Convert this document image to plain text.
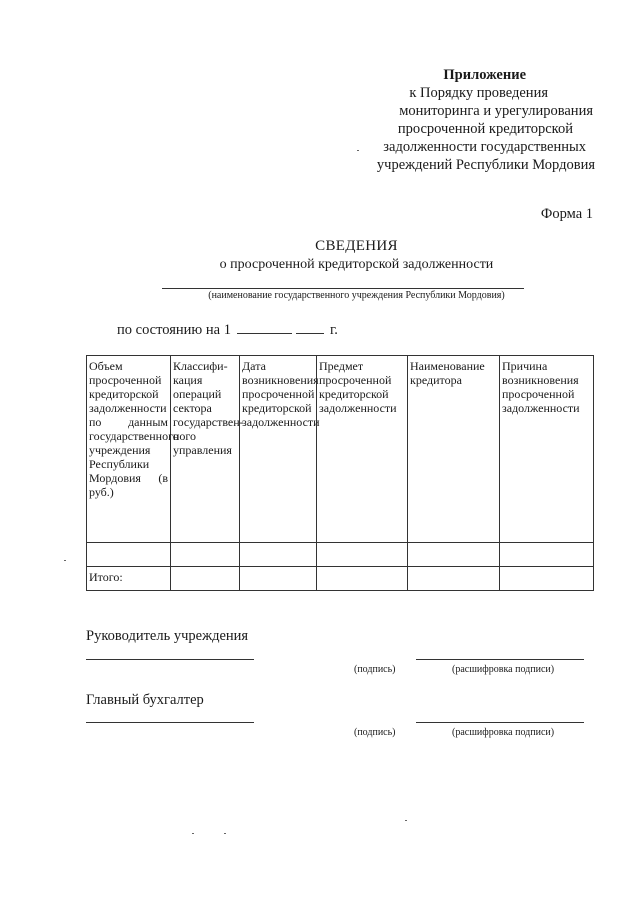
Приложение
к Порядку проведения
мониторинга и урегулирования
просроченной кредиторской
задолженности государственных
учреждений Республики Мордовия
Форма 1
СВЕДЕНИЯ
о просроченной кредиторской задолженности
(наименование государственного учреждения Республики Мордовия)
по состоянию на 1	г.
Объем просроченной кредиторской задолженности по данным государственного учреждения Республики Мордовия (в руб.)	Классифи-кация операций сектора государствен-ного управления	Дата возникновения просроченной кредиторской задолженности	Предмет просроченной кредиторской задолженности	Наименование кредитора	Причина возникновения просроченной задолженности

Итого:					
Руководитель учреждения
(подпись)	(расшифровка подписи)
Главный бухгалтер
(подпись)	(расшифровка подписи)
